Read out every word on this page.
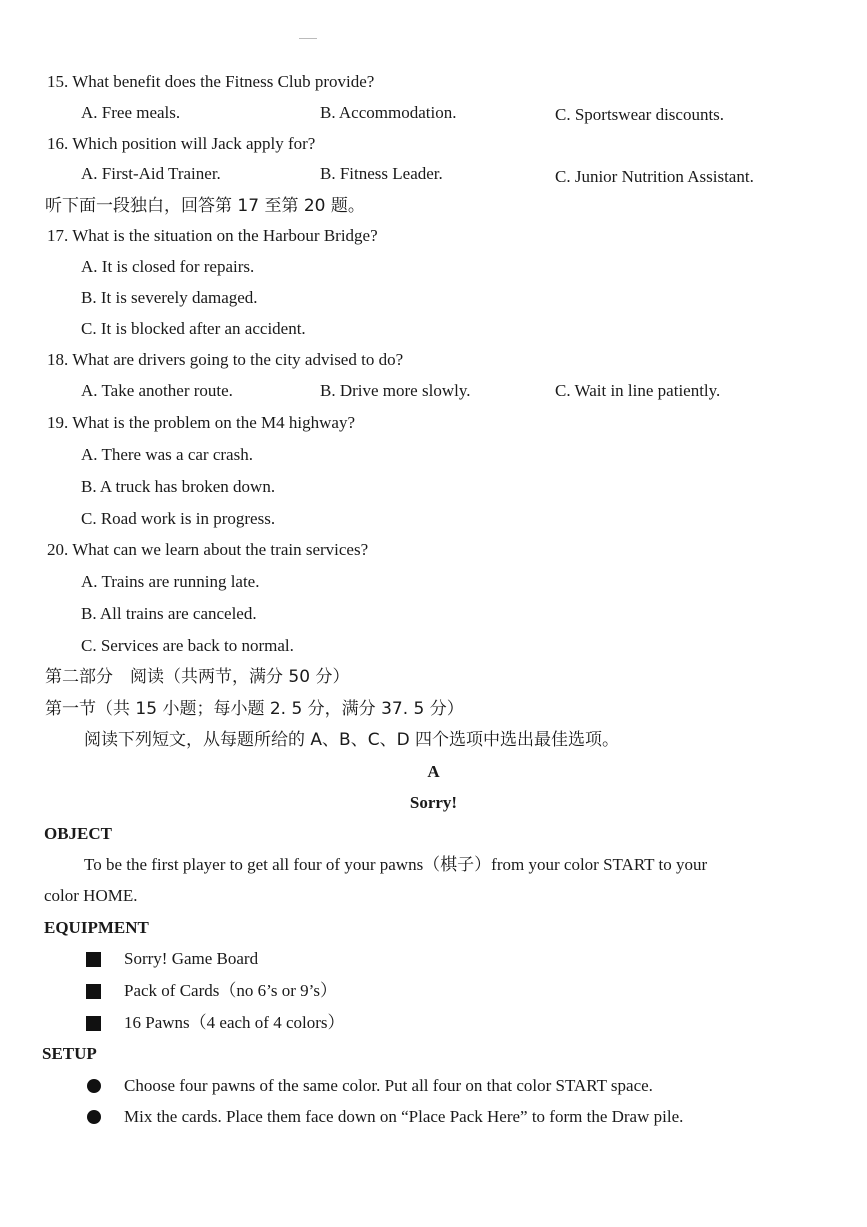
15. What benefit does the Fitness Club provide?
A. Free meals.	B. Accommodation.	C. Sportswear discounts.
16. Which position will Jack apply for?
A. First-Aid Trainer.	B. Fitness Leader.	C. Junior Nutrition Assistant.
听下面一段独白，回答第 17 至第 20 题。
17. What is the situation on the Harbour Bridge?
A. It is closed for repairs.
B. It is severely damaged.
C. It is blocked after an accident.
18. What are drivers going to the city advised to do?
A. Take another route.	B. Drive more slowly.	C. Wait in line patiently.
19. What is the problem on the M4 highway?
A. There was a car crash.
B. A truck has broken down.
C. Road work is in progress.
20. What can we learn about the train services?
A. Trains are running late.
B. All trains are canceled.
C. Services are back to normal.
第二部分　阅读（共两节，满分 50 分）
第一节（共 15 小题；每小题 2. 5 分，满分 37. 5 分）
阅读下列短文，从每题所给的 A、B、C、D 四个选项中选出最佳选项。
A
Sorry!
OBJECT
To be the first player to get all four of your pawns（棋子）from your color START to your
color HOME.
EQUIPMENT
Sorry! Game Board
Pack of Cards（no 6’s or 9’s）
16 Pawns（4 each of 4 colors）
SETUP
Choose four pawns of the same color. Put all four on that color START space.
Mix the cards. Place them face down on “Place Pack Here” to form the Draw pile.
